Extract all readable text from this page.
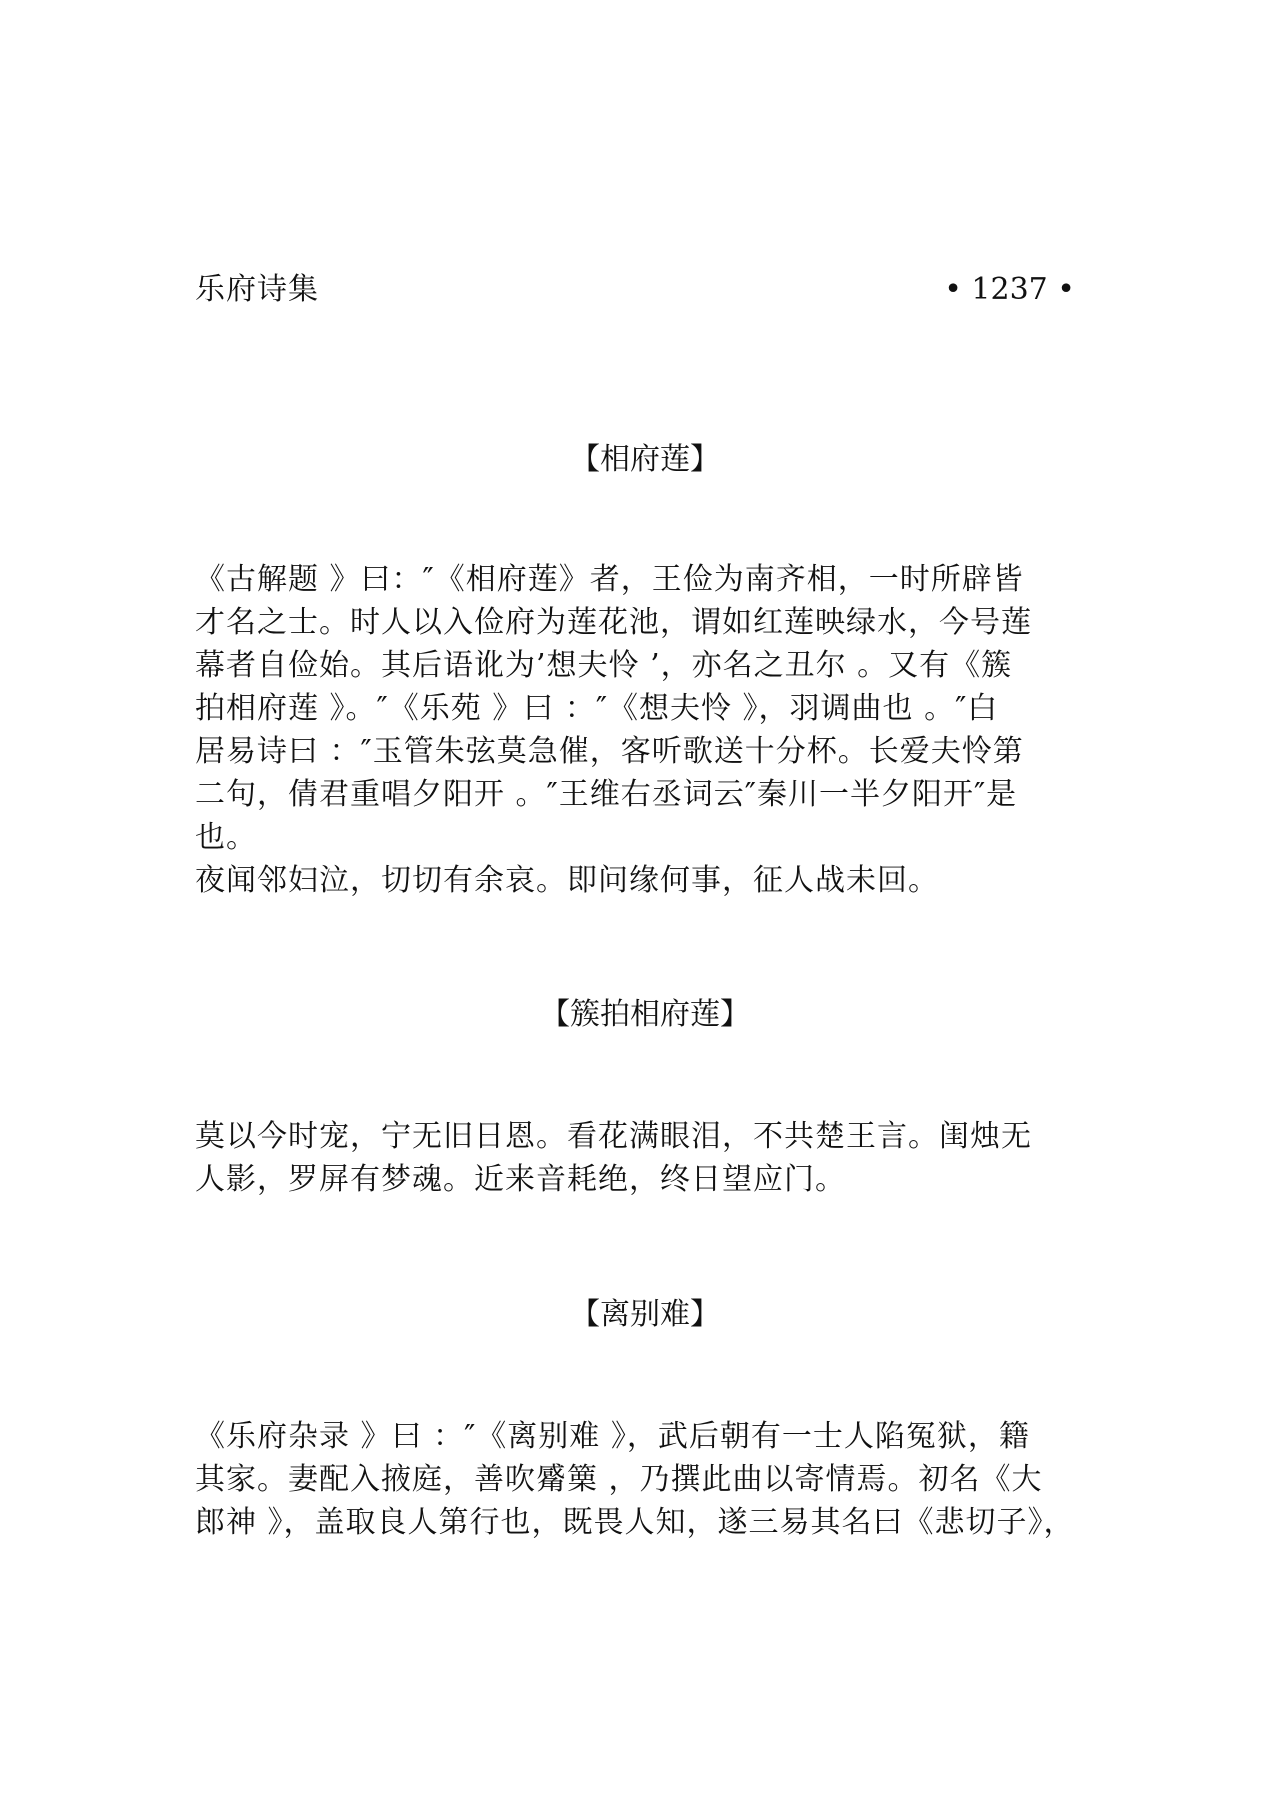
乐府诗集	• 1237 •
【相府莲】

《古解题 》曰：″《相府莲》者，王俭为南齐相，一时所辟皆
才名之士。时人以入俭府为莲花池，谓如红莲映绿水，今号莲
幕者自俭始。其后语讹为’想夫怜 ’，亦名之丑尔 。又有《簇
拍相府莲 》。″《乐苑 》曰 ：″《想夫怜 》，羽调曲也 。″白
居易诗曰 ：″玉管朱弦莫急催，客听歌送十分杯。长爱夫怜第
二句，倩君重唱夕阳开 。″王维右丞词云″秦川一半夕阳开″是
也。
夜闻邻妇泣，切切有余哀。即问缘何事，征人战未回。

【簇拍相府莲】

莫以今时宠，宁无旧日恩。看花满眼泪，不共楚王言。闺烛无
人影，罗屏有梦魂。近来音耗绝，终日望应门。

【离别难】

《乐府杂录 》曰 ：″《离别难 》，武后朝有一士人陷冤狱，籍
其家。妻配入掖庭，善吹觱篥 ，乃撰此曲以寄情焉。初名《大
郎神 》，盖取良人第行也，既畏人知，遂三易其名曰《悲切子》，
